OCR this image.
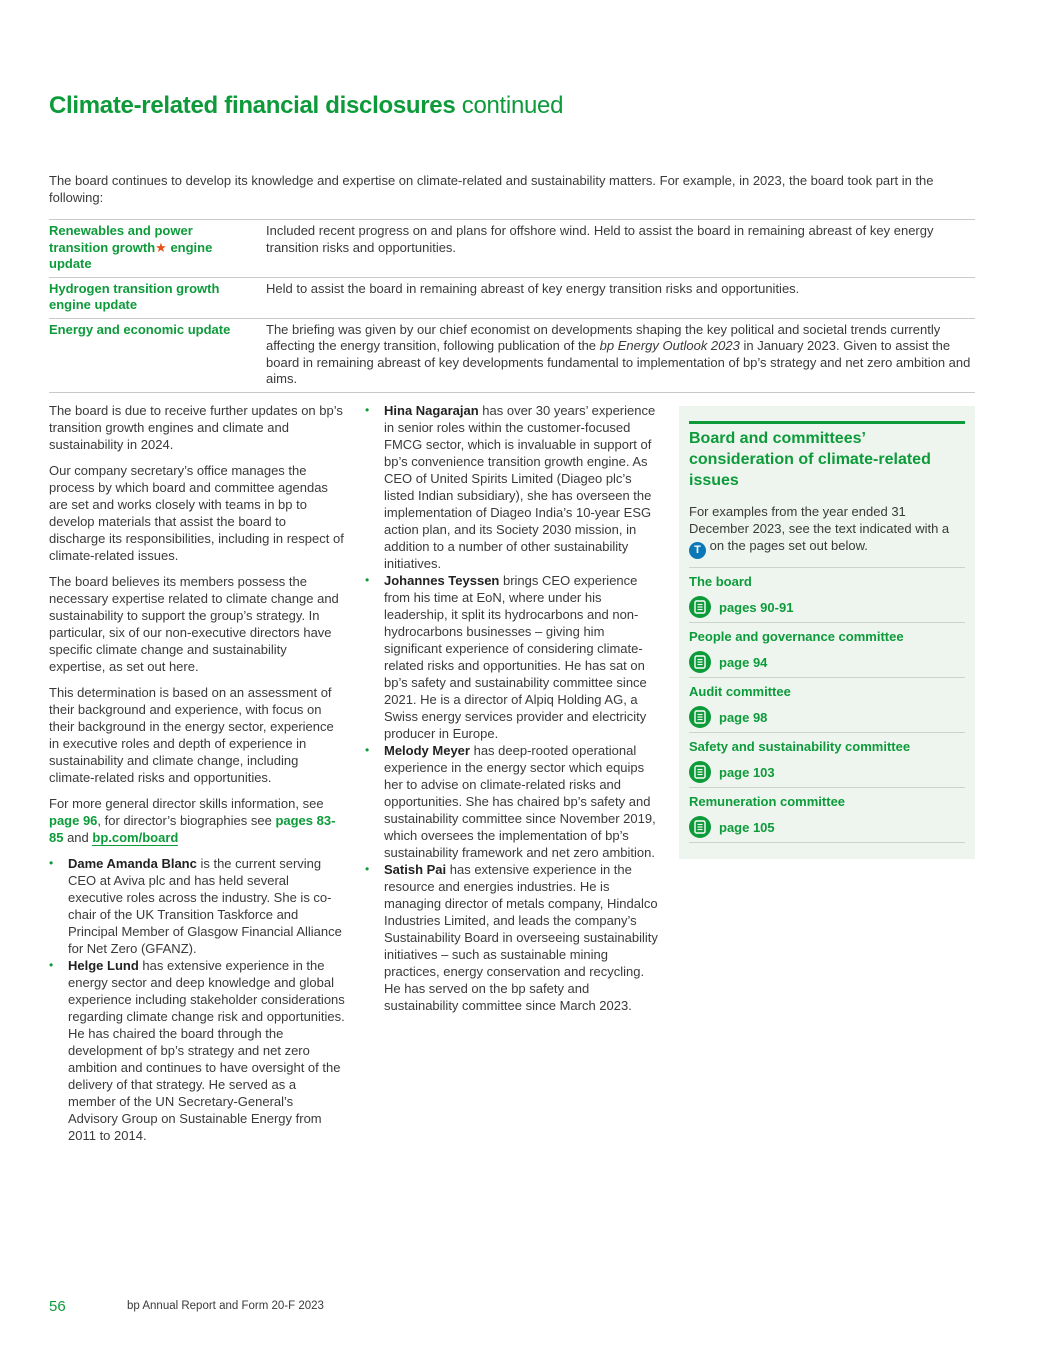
Climate-related financial disclosures continued

The board continues to develop its knowledge and expertise on climate-related and sustainability matters. For example, in 2023, the board took part in the following:

Renewables and power transition growth★ engine update
Included recent progress on and plans for offshore wind. Held to assist the board in remaining abreast of key energy transition risks and opportunities.
Hydrogen transition growth engine update
Held to assist the board in remaining abreast of key energy transition risks and opportunities.
Energy and economic update	The briefing was given by our chief economist on developments shaping the key political and societal trends currently affecting the energy transition, following publication of the bp Energy Outlook 2023 in January 2023. Given to assist the board in remaining abreast of key developments fundamental to implementation of bp’s strategy and net zero ambition and aims.

The board is due to receive further updates on bp’s transition growth engines and climate and sustainability in 2024.

Our company secretary’s office manages the process by which board and committee agendas are set and works closely with teams in bp to develop materials that assist the board to discharge its responsibilities, including in respect of climate-related issues.

The board believes its members possess the necessary expertise related to climate change and sustainability to support the group’s strategy. In particular, six of our non-executive directors have specific climate change and sustainability expertise, as set out here.

This determination is based on an assessment of their background and experience, with focus on their background in the energy sector, experience in executive roles and depth of experience in sustainability and climate change, including climate-related risks and opportunities.

For more general director skills information, see page 96, for director’s biographies see pages 83-85 and bp.com/board

• Dame Amanda Blanc is the current serving CEO at Aviva plc and has held several executive roles across the industry. She is co-chair of the UK Transition Taskforce and Principal Member of Glasgow Financial Alliance for Net Zero (GFANZ).
• Helge Lund has extensive experience in the energy sector and deep knowledge and global experience including stakeholder considerations regarding climate change risk and opportunities. He has chaired the board through the development of bp’s strategy and net zero ambition and continues to have oversight of the delivery of that strategy. He served as a member of the UN Secretary-General’s Advisory Group on Sustainable Energy from 2011 to 2014.
• Hina Nagarajan has over 30 years’ experience in senior roles within the customer-focused FMCG sector, which is invaluable in support of bp’s convenience transition growth engine. As CEO of United Spirits Limited (Diageo plc’s listed Indian subsidiary), she has overseen the implementation of Diageo India’s 10-year ESG action plan, and its Society 2030 mission, in addition to a number of other sustainability initiatives.
• Johannes Teyssen brings CEO experience from his time at EoN, where under his leadership, it split its hydrocarbons and non-hydrocarbons businesses – giving him significant experience of considering climate-related risks and opportunities. He has sat on bp’s safety and sustainability committee since 2021. He is a director of Alpiq Holding AG, a Swiss energy services provider and electricity producer in Europe.
• Melody Meyer has deep-rooted operational experience in the energy sector which equips her to advise on climate-related risks and opportunities. She has chaired bp’s safety and sustainability committee since November 2019, which oversees the implementation of bp’s sustainability framework and net zero ambition.
• Satish Pai has extensive experience in the resource and energies industries. He is managing director of metals company, Hindalco Industries Limited, and leads the company’s Sustainability Board in overseeing sustainability initiatives – such as sustainable mining practices, energy conservation and recycling. He has served on the bp safety and sustainability committee since March 2023.
Board and committees’ consideration of climate-related issues

For examples from the year ended 31 December 2023, see the text indicated with a T on the pages set out below.

The board
pages 90-91
People and governance committee
page 94
Audit committee
page 98
Safety and sustainability committee
page 103
Remuneration committee
page 105
56	bp Annual Report and Form 20-F 2023
